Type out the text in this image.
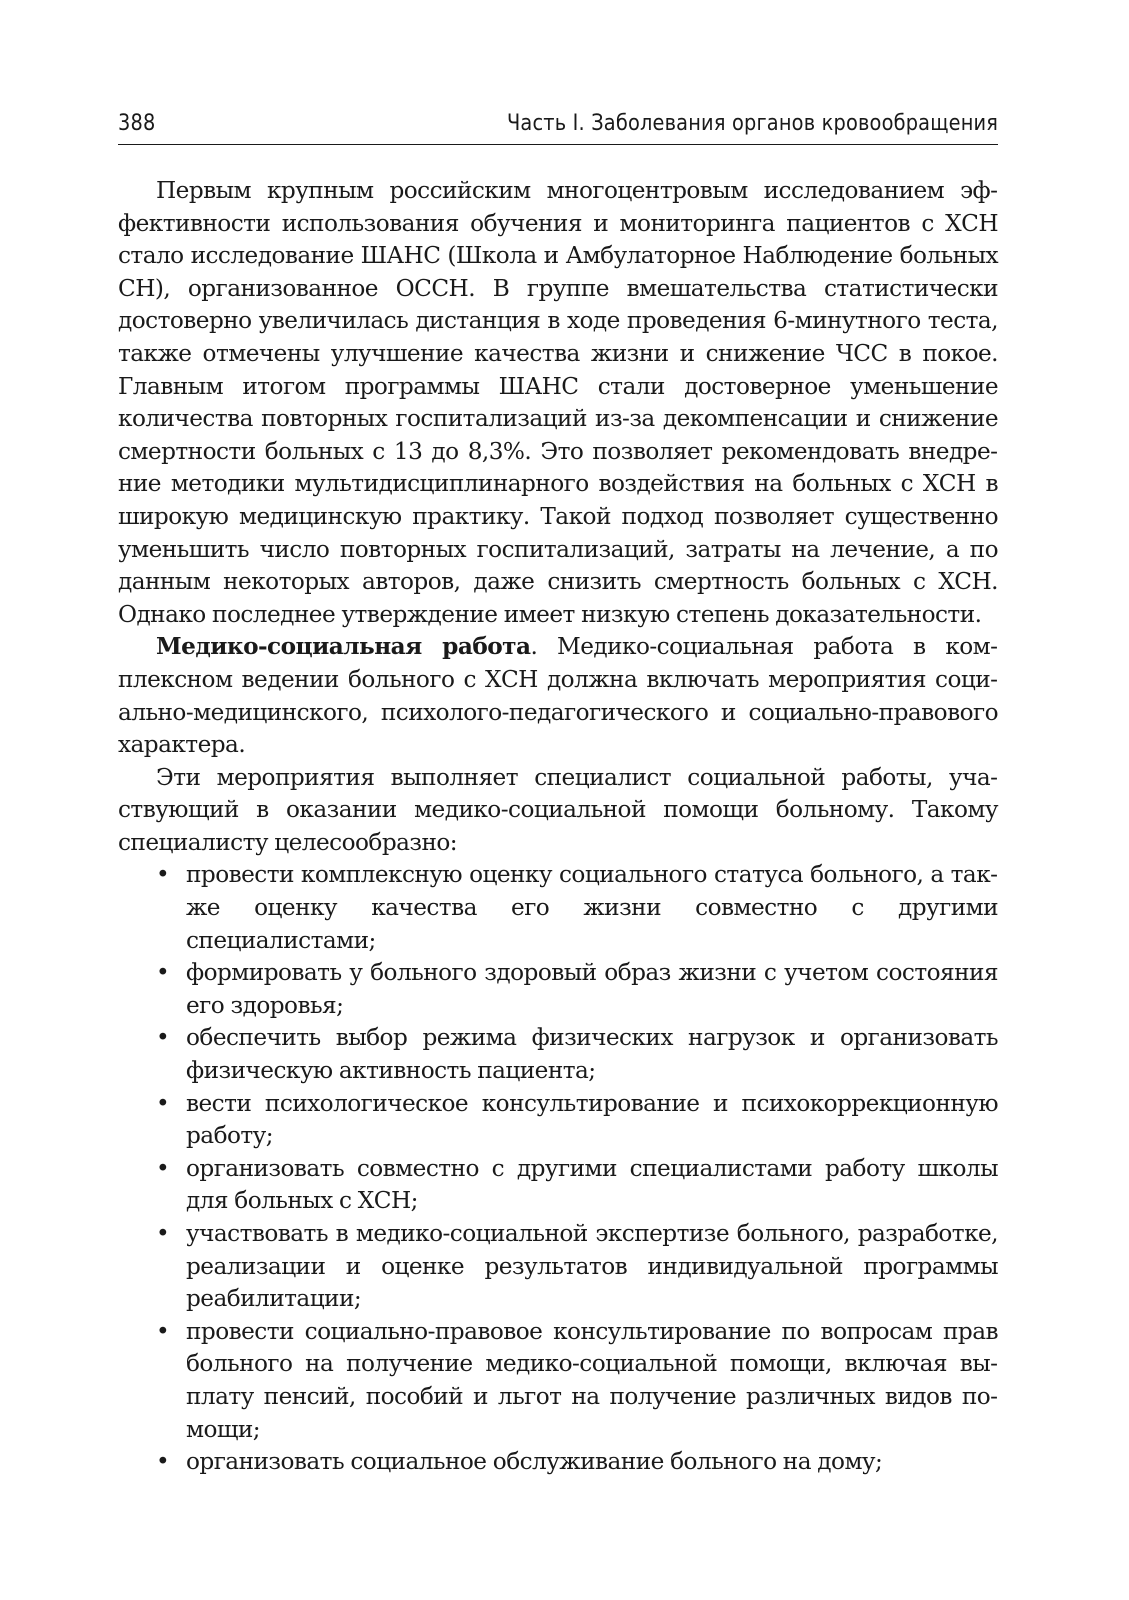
388	Часть I. Заболевания органов кровообращения

Первым крупным российским многоцентровым исследованием эффективности использования обучения и мониторинга пациентов с ХСН стало исследование ШАНС (Школа и Амбулаторное Наблюдение больных СН), организованное ОССН. В группе вмешательства статистически достоверно увеличилась дистанция в ходе проведения 6-минутного теста, также отмечены улучшение качества жизни и снижение ЧСС в покое. Главным итогом программы ШАНС стали достоверное уменьшение количества повторных госпитализаций из-за декомпенсации и снижение смертности больных с 13 до 8,3%. Это позволяет рекомендовать внедрение методики мультидисциплинарного воздействия на больных с ХСН в широкую медицинскую практику. Такой подход позволяет существенно уменьшить число повторных госпитализаций, затраты на лечение, а по данным некоторых авторов, даже снизить смертность больных с ХСН. Однако последнее утверждение имеет низкую степень доказательности.

Медико-социальная работа. Медико-социальная работа в комплексном ведении больного с ХСН должна включать мероприятия социально-медицинского, психолого-педагогического и социально-правового характера.

Эти мероприятия выполняет специалист социальной работы, участвующий в оказании медико-социальной помощи больному. Такому специалисту целесообразно:

• провести комплексную оценку социального статуса больного, а также оценку качества его жизни совместно с другими специалистами;
• формировать у больного здоровый образ жизни с учетом состояния его здоровья;
• обеспечить выбор режима физических нагрузок и организовать физическую активность пациента;
• вести психологическое консультирование и психокоррекционную работу;
• организовать совместно с другими специалистами работу школы для больных с ХСН;
• участвовать в медико-социальной экспертизе больного, разработке, реализации и оценке результатов индивидуальной программы реабилитации;
• провести социально-правовое консультирование по вопросам прав больного на получение медико-социальной помощи, включая выплату пенсий, пособий и льгот на получение различных видов помощи;
• организовать социальное обслуживание больного на дому;
